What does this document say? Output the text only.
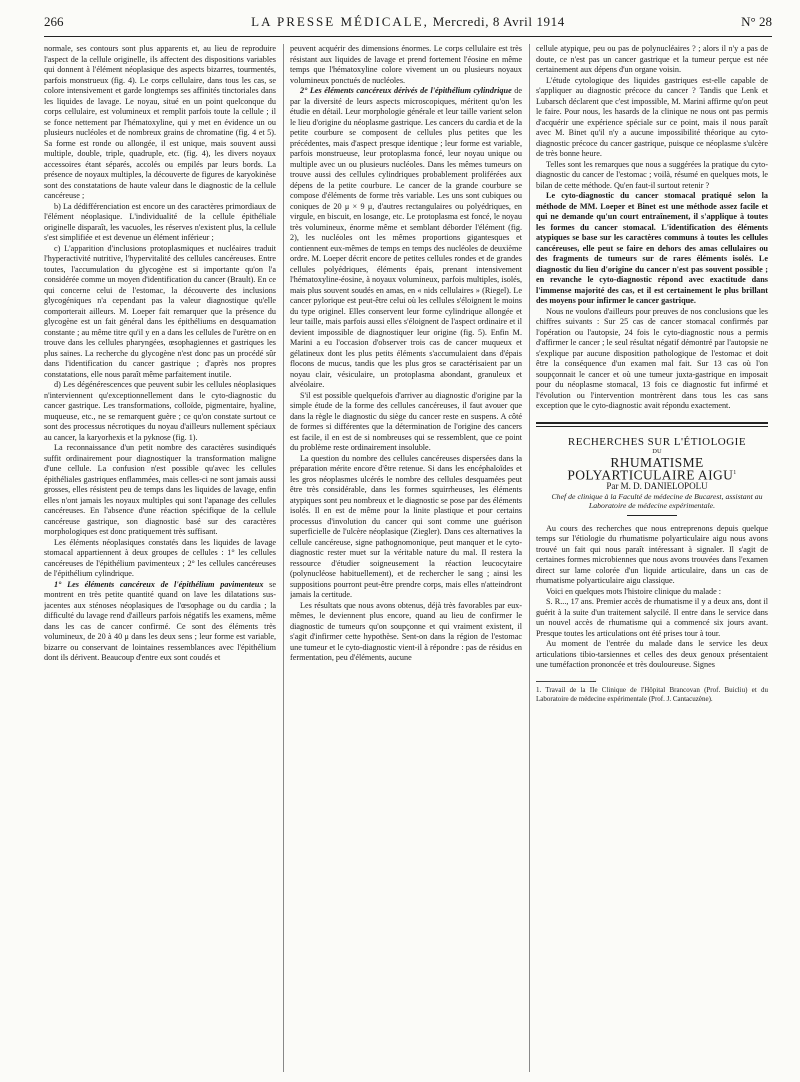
266	LA PRESSE MÉDICALE, Mercredi, 8 Avril 1914	N° 28

normale, ses contours sont plus apparents et, au lieu de reproduire l'aspect de la cellule originelle, ils affectent des dispositions variables qui donnent à l'élément néoplasique des aspects bizarres, tourmentés, parfois monstrueux (fig. 4). Le corps cellulaire, dans tous les cas, se colore intensivement et garde longtemps ses affinités tinctoriales dans les liquides de lavage. Le noyau, situé en un point quelconque du corps cellulaire, est volumineux et remplit parfois toute la cellule ; il se fonce nettement par l'hématoxyline, qui y met en évidence un ou plusieurs nucléoles et de nombreux grains de chromatine (fig. 4 et 5). Sa forme est ronde ou allongée, il est unique, mais souvent aussi multiple, double, triple, quadruple, etc. (fig. 4), les divers noyaux accessoires étant séparés, accolés ou empilés par leurs bords. La présence de noyaux multiples, la découverte de figures de karyokinèse sont des constatations de haute valeur dans le diagnostic de la cellule cancéreuse ;

b) La dédifférenciation est encore un des caractères primordiaux de l'élément néoplasique. L'individualité de la cellule épithéliale originelle disparaît, les vacuoles, les réserves n'existent plus, la cellule s'est simplifiée et est devenue un élément inférieur ;

c) L'apparition d'inclusions protoplasmiques et nucléaires traduit l'hyperactivité nutritive, l'hypervitalité des cellules cancéreuses. Entre toutes, l'accumulation du glycogène est si importante qu'on l'a considérée comme un moyen d'identification du cancer (Brault). En ce qui concerne celui de l'estomac, la découverte des inclusions glycogéniques n'a cependant pas la valeur diagnostique qu'elle comporterait ailleurs. M. Loeper fait remarquer que la présence du glycogène est un fait général dans les épithéliums en desquamation constante ; au même titre qu'il y en a dans les cellules de l'urètre on en trouve dans les cellules pharyngées, œsophagiennes et gastriques les plus saines. La recherche du glycogène n'est donc pas un procédé sûr dans l'identification du cancer gastrique ; d'après nos propres constatations, elle nous paraît même parfaitement inutile.

d) Les dégénérescences que peuvent subir les cellules néoplasiques n'interviennent qu'exceptionnellement dans le cyto-diagnostic du cancer gastrique. Les transformations, colloïde, pigmentaire, hyaline, muqueuse, etc., ne se remarquent guère ; ce qu'on constate surtout ce sont des processus nécrotiques du noyau d'ailleurs nullement spéciaux au cancer, la karyorhexis et la pyknose (fig. 1).

La reconnaissance d'un petit nombre des caractères susindiqués suffit ordinairement pour diagnostiquer la transformation maligne d'une cellule. La confusion n'est possible qu'avec les cellules épithéliales gastriques enflammées, mais celles-ci ne sont jamais aussi grosses, elles résistent peu de temps dans les liquides de lavage, enfin elles n'ont jamais les noyaux multiples qui sont l'apanage des cellules cancéreuses. En l'absence d'une réaction spécifique de la cellule cancéreuse gastrique, son diagnostic basé sur des caractères morphologiques est donc pratiquement très suffisant.

Les éléments néoplasiques constatés dans les liquides de lavage stomacal appartiennent à deux groupes de cellules : 1° les cellules cancéreuses de l'épithélium pavimenteux ; 2° les cellules cancéreuses de l'épithélium cylindrique.

1° Les éléments cancéreux de l'épithélium pavimenteux se montrent en très petite quantité quand on lave les dilatations sus-jacentes aux sténoses néoplasiques de l'œsophage ou du cardia ; la difficulté du lavage rend d'ailleurs parfois négatifs les examens, même dans les cas de cancer confirmé. Ce sont des éléments très volumineux, de 20 à 40 μ dans les deux sens ; leur forme est variable, bizarre ou conservant de lointaines ressemblances avec l'épithélium dont ils dérivent. Beaucoup d'entre eux sont coudés et

peuvent acquérir des dimensions énormes. Le corps cellulaire est très résistant aux liquides de lavage et prend fortement l'éosine en même temps que l'hématoxyline colore vivement un ou plusieurs noyaux volumineux ponctués de nucléoles.

2° Les éléments cancéreux dérivés de l'épithélium cylindrique de par la diversité de leurs aspects microscopiques, méritent qu'on les étudie en détail. Leur morphologie générale et leur taille varient selon le lieu d'origine du néoplasme gastrique. Les cancers du cardia et de la petite courbure se composent de cellules plus petites que les précédentes, mais d'aspect presque identique ; leur forme est variable, parfois monstrueuse, leur protoplasma foncé, leur noyau unique ou multiple avec un ou plusieurs nucléoles. Dans les mêmes tumeurs on trouve aussi des cellules cylindriques probablement proliférées aux dépens de la petite courbure. Le cancer de la grande courbure se compose d'éléments de forme très variable. Les uns sont cubiques ou coniques de 20 μ × 9 μ, d'autres rectangulaires ou polyédriques, en virgule, en biscuit, en losange, etc. Le protoplasma est foncé, le noyau très volumineux, énorme même et semblant déborder l'élément (fig. 2), les nucléoles ont les mêmes proportions gigantesques et contiennent eux-mêmes de temps en temps des nucléoles de deuxième ordre. M. Loeper décrit encore de petites cellules rondes et de grandes cellules polyédriques, éléments épais, prenant intensivement l'hématoxyline-éosine, à noyaux volumineux, parfois multiples, isolés, mais plus souvent soudés en amas, en « nids cellulaires » (Riegel). Le cancer pylorique est peut-être celui où les cellules s'éloignent le moins du type originel. Elles conservent leur forme cylindrique allongée et leur taille, mais parfois aussi elles s'éloignent de l'aspect ordinaire et il devient impossible de diagnostiquer leur origine (fig. 5). Enfin M. Marini a eu l'occasion d'observer trois cas de cancer muqueux et gélatineux dont les plus petits éléments s'accumulaient dans d'épais flocons de mucus, tandis que les plus gros se caractérisaient par un noyau clair, vésiculaire, un protoplasma abondant, granuleux et alvéolaire.

S'il est possible quelquefois d'arriver au diagnostic d'origine par la simple étude de la forme des cellules cancéreuses, il faut avouer que dans la règle le diagnostic du siège du cancer reste en suspens. A côté de formes si différentes que la détermination de l'origine des cancers est facile, il en est de si nombreuses qui se ressemblent, que ce point du problème reste ordinairement insoluble.

La question du nombre des cellules cancéreuses dispersées dans la préparation mérite encore d'être retenue. Si dans les encéphaloïdes et les gros néoplasmes ulcérés le nombre des cellules desquamées peut être très considérable, dans les formes squirrheuses, les éléments atypiques sont peu nombreux et le diagnostic se pose par des éléments isolés. Il en est de même pour la linite plastique et pour certains processus d'involution du cancer qui sont comme une guérison superficielle de l'ulcère néoplasique (Ziegler). Dans ces alternatives la cellule cancéreuse, signe pathognomonique, peut manquer et le cyto-diagnostic rester muet sur la véritable nature du mal. Il restera la ressource d'étudier soigneusement la réaction leucocytaire (polynucléose habituellement), et de rechercher le sang ; ainsi les suppositions pourront peut-être prendre corps, mais elles n'atteindront jamais la certitude.

Les résultats que nous avons obtenus, déjà très favorables par eux-mêmes, le deviennent plus encore, quand au lieu de confirmer le diagnostic de tumeurs qu'on soupçonne et qui vraiment existent, il s'agit d'infirmer cette hypothèse. Sent-on dans la région de l'estomac une tumeur et le cyto-diagnostic vient-il à répondre : pas de résidus en fermentation, peu d'éléments, aucune

cellule atypique, peu ou pas de polynucléaires ? ; alors il n'y a pas de doute, ce n'est pas un cancer gastrique et la tumeur perçue est née certainement aux dépens d'un organe voisin.

L'étude cytologique des liquides gastriques est-elle capable de s'appliquer au diagnostic précoce du cancer ? Tandis que Lenk et Lubarsch déclarent que c'est impossible, M. Marini affirme qu'on peut le faire. Pour nous, les hasards de la clinique ne nous ont pas permis d'acquérir une expérience spéciale sur ce point, mais il nous paraît avec M. Binet qu'il n'y a aucune impossibilité théorique au cyto-diagnostic précoce du cancer gastrique, puisque ce néoplasme s'ulcère de très bonne heure.

Telles sont les remarques que nous a suggérées la pratique du cyto-diagnostic du cancer de l'estomac ; voilà, résumé en quelques mots, le bilan de cette méthode. Qu'en faut-il surtout retenir ?

Le cyto-diagnostic du cancer stomacal pratiqué selon la méthode de MM. Loeper et Binet est une méthode assez facile et qui ne demande qu'un court entraînement, il s'applique à toutes les formes du cancer stomacal. L'identification des éléments atypiques se base sur les caractères communs à toutes les cellules cancéreuses, elle peut se faire en dehors des amas cellulaires ou des fragments de tumeurs sur de rares éléments isolés. Le diagnostic du lieu d'origine du cancer n'est pas souvent possible ; en revanche le cyto-diagnostic répond avec exactitude dans l'immense majorité des cas, et il est certainement le plus brillant des moyens pour infirmer le cancer gastrique.

Nous ne voulons d'ailleurs pour preuves de nos conclusions que les chiffres suivants : Sur 25 cas de cancer stomacal confirmés par l'opération ou l'autopsie, 24 fois le cyto-diagnostic nous a permis d'affirmer le cancer ; le seul résultat négatif démontré par l'autopsie ne s'explique par aucune disposition pathologique de l'estomac et doit être la conséquence d'un examen mal fait. Sur 13 cas où l'on soupçonnait le cancer et où une tumeur juxta-gastrique en imposait pour du néoplasme stomacal, 13 fois ce diagnostic fut infirmé et l'évolution ou l'intervention montrèrent dans tous les cas sans exception que le cyto-diagnostic avait répondu exactement.

RECHERCHES SUR L'ÉTIOLOGIE

DU

RHUMATISME POLYARTICULAIRE AIGU$^1$

Par M. D. DANIELOPOLU

Chef de clinique à la Faculté de médecine de Bucarest, assistant au Laboratoire de médecine expérimentale.

Au cours des recherches que nous entreprenons depuis quelque temps sur l'étiologie du rhumatisme polyarticulaire aigu nous avons trouvé un fait qui nous paraît intéressant à signaler. Il s'agit de certaines formes microbiennes que nous avons trouvées dans l'examen direct sur lame colorée d'un liquide articulaire, dans un cas de rhumatisme polyarticulaire aigu classique.

Voici en quelques mots l'histoire clinique du malade :

S. R..., 17 ans. Premier accès de rhumatisme il y a deux ans, dont il guérit à la suite d'un traitement salycilé. Il entre dans le service dans un nouvel accès de rhumatisme qui a commencé six jours avant. Presque toutes les articulations ont été prises tour à tour.

Au moment de l'entrée du malade dans le service les deux articulations tibio-tarsiennes et celles des deux genoux présentaient une tuméfaction prononcée et très douloureuse. Signes

1. Travail de la IIe Clinique de l'Hôpital Brancovan (Prof. Buicliu) et du Laboratoire de médecine expérimentale (Prof. J. Cantacuzène).
